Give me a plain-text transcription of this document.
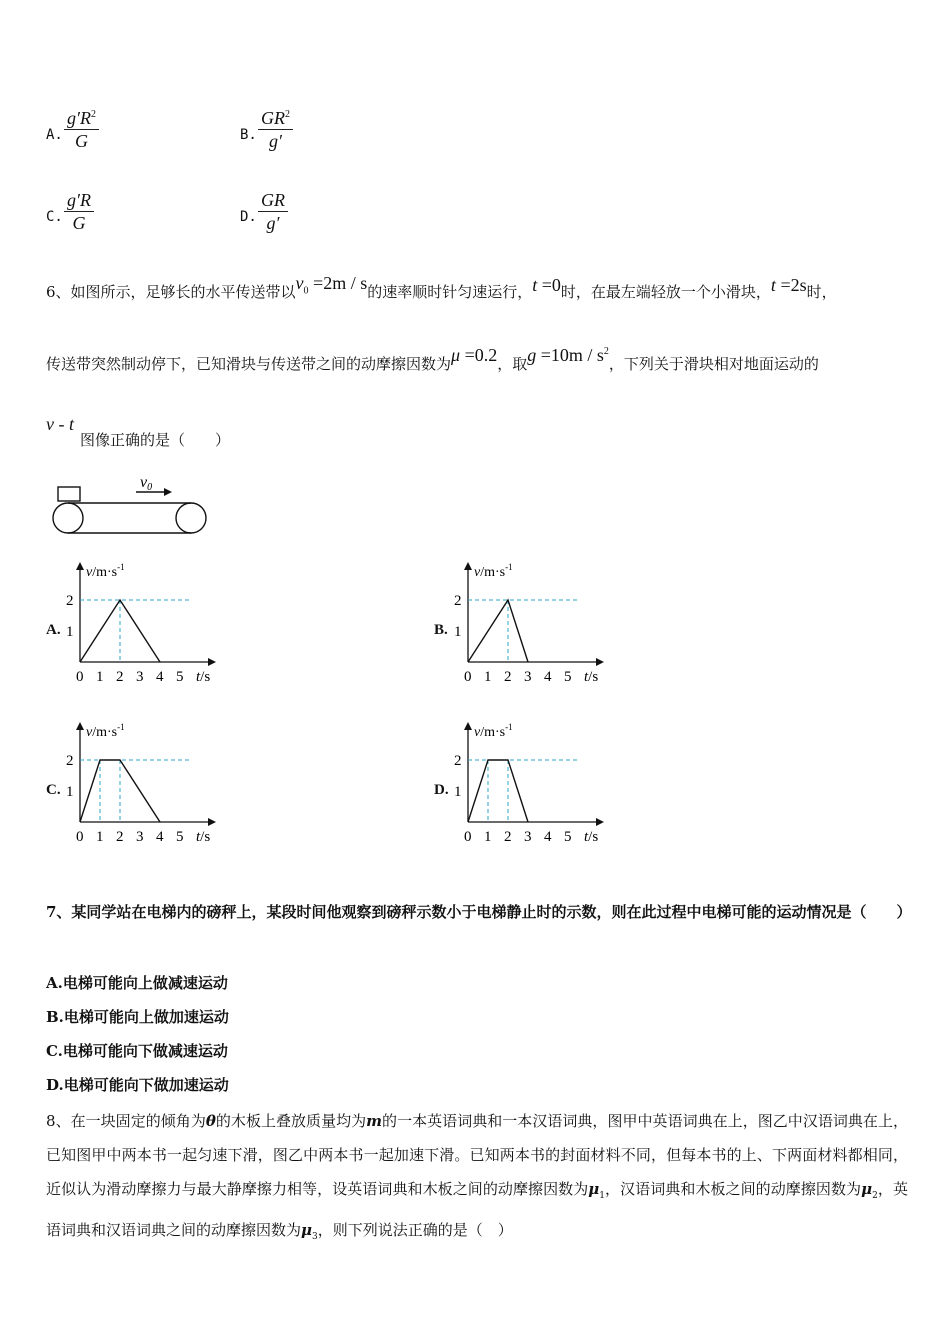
A. $\frac{g'R^2}{G}$	B. $\frac{GR^2}{g'}$
C. $\frac{g'R}{G}$	D. $\frac{GR}{g'}$
6、如图所示，足够长的水平传送带以$v_0 =2m / s$的速率顺时针匀速运行，t =0时，在最左端轻放一个小滑块，t =2s时，
传送带突然制动停下，已知滑块与传送带之间的动摩擦因数为μ =0.2，取$g =10m / s^2$，下列关于滑块相对地面运动的
v - t
图像正确的是（　　）
v0
$v/m\cdot s^{-1}$
t/s
0 1 2 3 4 5
1
2
A.
$v/m\cdot s^{-1}$
t/s
0 1 2 3 4 5
1
2
B.
$v/m\cdot s^{-1}$
t/s
0 1 2 3 4 5
1
2
C.
$v/m\cdot s^{-1}$
t/s
0 1 2 3 4 5
1
2
D.
7、某同学站在电梯内的磅秤上，某段时间他观察到磅秤示数小于电梯静止时的示数，则在此过程中电梯可能的运动情况是（　　）
A.电梯可能向上做减速运动
B.电梯可能向上做加速运动
C.电梯可能向下做减速运动
D.电梯可能向下做加速运动
8、在一块固定的倾角为θ的木板上叠放质量均为m的一本英语词典和一本汉语词典，图甲中英语词典在上，图乙中汉语词典在上，已知图甲中两本书一起匀速下滑，图乙中两本书一起加速下滑。已知两本书的封面材料不同，但每本书的上、下两面材料都相同，近似认为滑动摩擦力与最大静摩擦力相等，设英语词典和木板之间的动摩擦因数为$\mu_1$，汉语词典和木板之间的动摩擦因数为$\mu_2$，英语词典和汉语词典之间的动摩擦因数为$\mu_3$，则下列说法正确的是（　）
